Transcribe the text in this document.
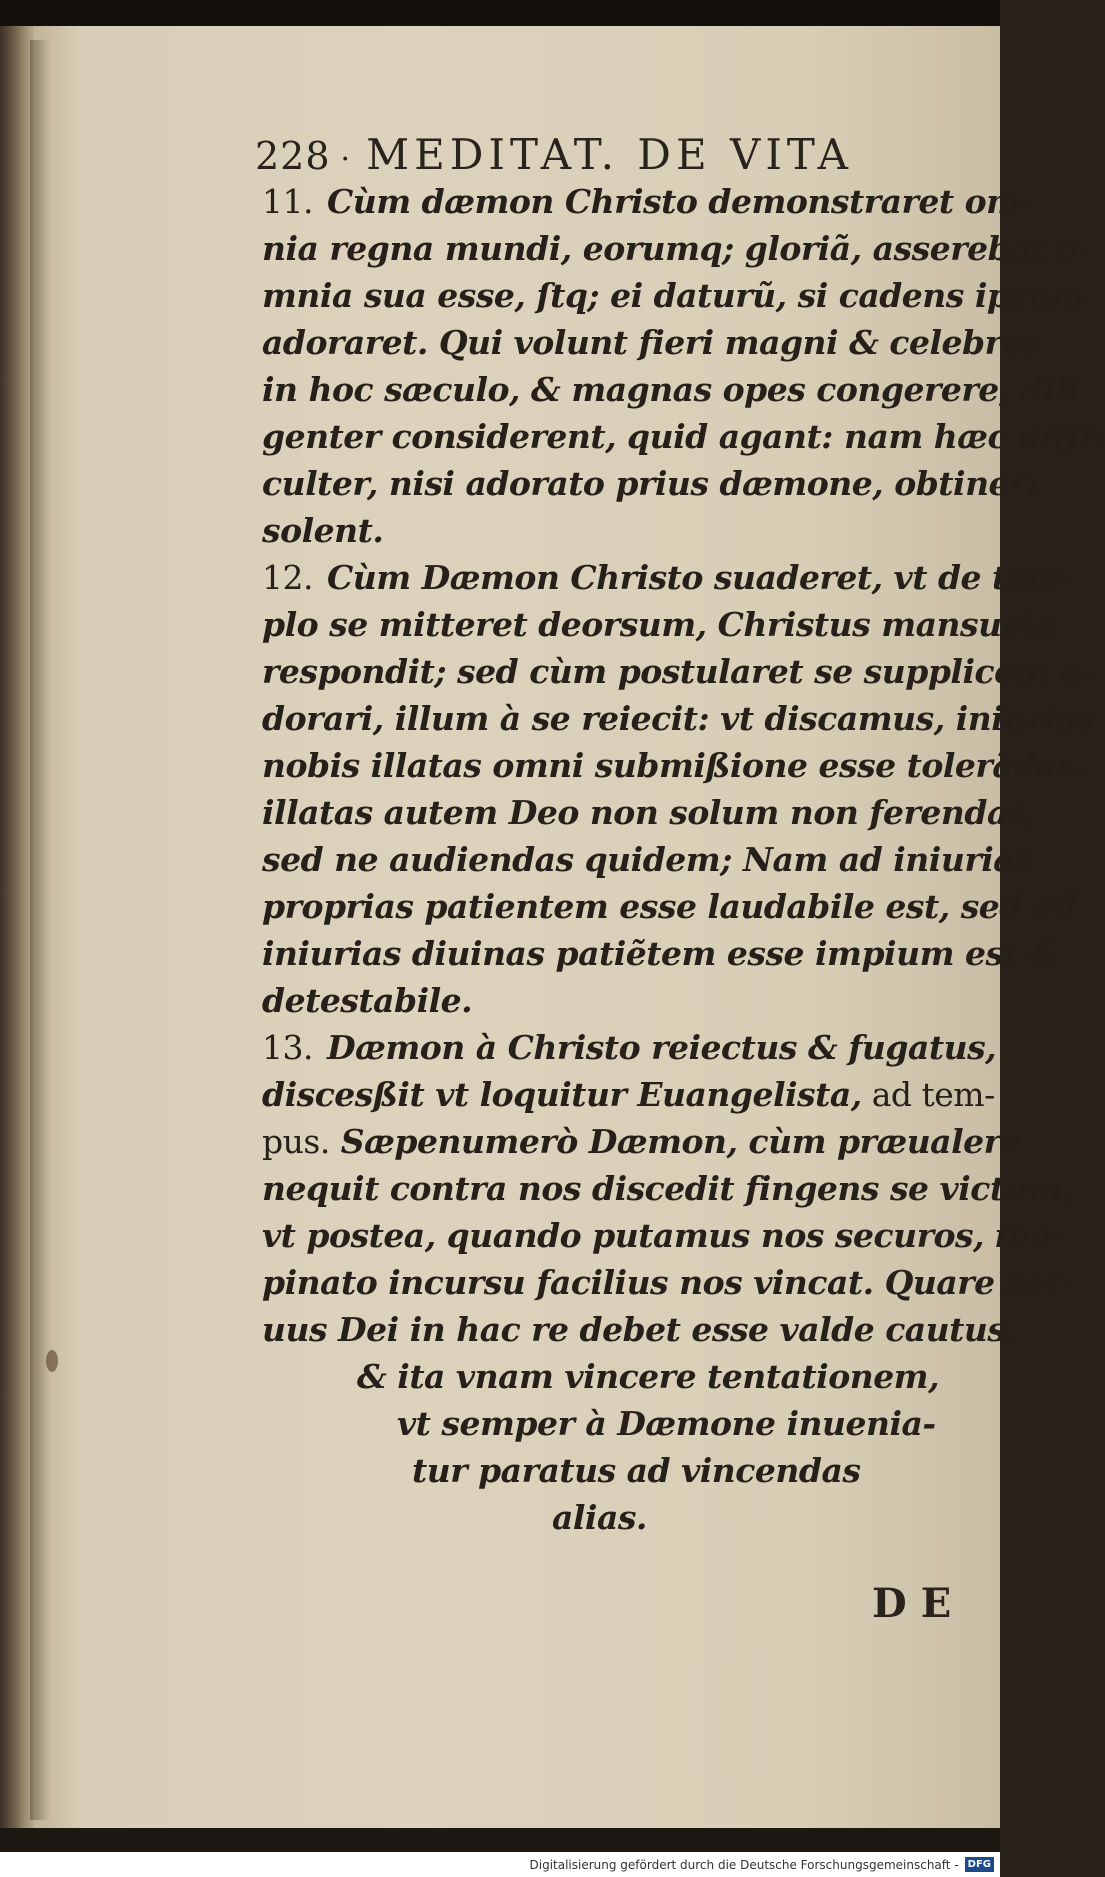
228 · MEDITAT. DE VITA
11. Cùm dæmon Christo demonstraret om-
nia regna mundi, eorumq; gloriã, asserebat o-
mnia sua esse, ſtq; ei daturũ, si cadens ipsum
adoraret. Qui volunt fieri magni & celebres
in hoc sæculo, & magnas opes congerere, dili
genter considerent, quid agant: nam hæc diffi-
culter, nisi adorato prius dæmone, obtineri
solent.
12. Cùm Dæmon Christo suaderet, vt de tem-
plo se mitteret deorsum, Christus mansuete
respondit; sed cùm postularet se supplicem a-
dorari, illum à se reiecit: vt discamus, iniurias
nobis illatas omni submißione esse tolerãdas,
illatas autem Deo non solum non ferendas,
sed ne audiendas quidem; Nam ad iniurias
proprias patientem esse laudabile est, sed ad
iniurias diuinas patiẽtem esse impium est &
detestabile.
13. Dæmon à Christo reiectus & fugatus,
discesßit vt loquitur Euangelista, ad tem-
pus. Sæpenumerò Dæmon, cùm præualere
nequit contra nos discedit fingens se victum,
vt postea, quando putamus nos securos, ino-
pinato incursu facilius nos vincat. Quare ser-
uus Dei in hac re debet esse valde cautus,
& ita vnam vincere tentationem,
vt semper à Dæmone inuenia-
tur paratus ad vincendas
alias.
DE
Digitalisierung gefördert durch die Deutsche Forschungsgemeinschaft - DFG
